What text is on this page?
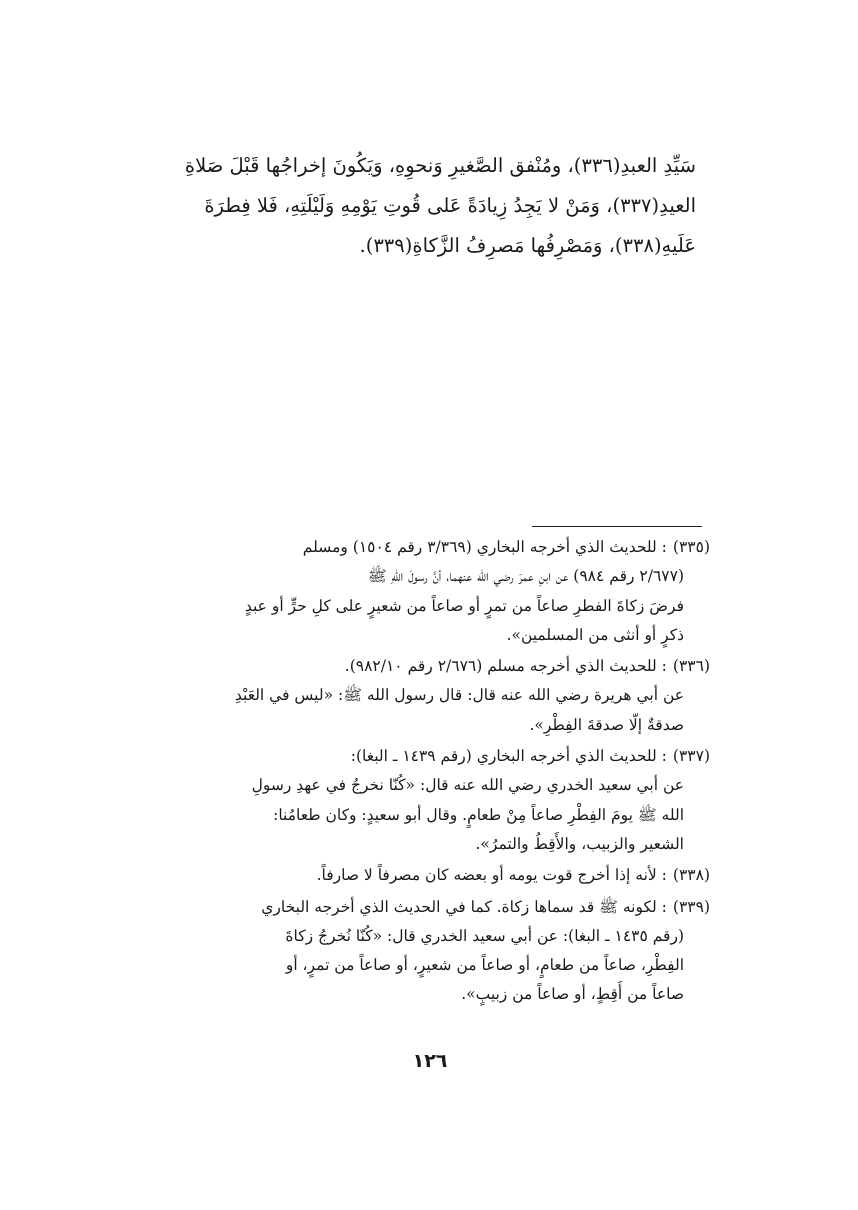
سَيِّدِ العبدِ(٣٣٦)، ومُنْفق الصَّغيرِ وَنحوِهِ، وَيَكُونَ إخراجُها قَبْلَ صَلاةِ

العيدِ(٣٣٧)، وَمَنْ لا يَجِدُ زِيادَةً عَلى قُوتِ يَوْمِهِ وَلَيْلَتِهِ، فَلا فِطرَةَ

عَلَيهِ(٣٣٨)، وَمَصْرِفُها مَصرِفُ الزَّكاةِ(٣٣٩).

(٣٣٥): للحديث الذي أخرجه البخاري (٣/٣٦٩ رقم ١٥٠٤) ومسلم
(٢/٦٧٧ رقم ٩٨٤) عن ابنِ عمرَ رضي الله عنهما، أنَّ رسولَ اللهِ ﷺ
فرضَ زكاةَ الفطرِ صاعاً من تمرٍ أو صاعاً من شعيرٍ على كلِ حرٍّ أو عبدٍ
ذكرٍ أو أنثى من المسلمين».
(٣٣٦): للحديث الذي أخرجه مسلم (٢/٦٧٦ رقم ٩٨٢/١٠).
عن أبي هريرة رضي الله عنه قال: قال رسول الله ﷺ: «ليس في العَبْدِ
صدقةٌ إلّا صدقةَ الفِطْرِ».
(٣٣٧): للحديث الذي أخرجه البخاري (رقم ١٤٣٩ ـ البغا):
عن أبي سعيد الخدري رضي الله عنه قال: «كُنّا نخرجُ في عهدِ رسولِ
الله ﷺ يومَ الفِطْرِ صاعاً مِنْ طعامٍ. وقال أبو سعيدٍ: وكان طعامُنا:
الشعير والزبيب، والأَقِطُ والتمرُ».
(٣٣٨): لأنه إذا أخرج قوت يومه أو بعضه كان مصرفاً لا صارفاً.
(٣٣٩): لكونه ﷺ قد سماها زكاة. كما في الحديث الذي أخرجه البخاري
(رقم ١٤٣٥ ـ البغا): عن أبي سعيد الخدري قال: «كُنّا نُخرجُ زكاةَ
الفِطْرِ، صاعاً من طعامٍ، أو صاعاً من شعيرٍ، أو صاعاً من تمرٍ، أو
صاعاً من أَقِطٍ، أو صاعاً من زبيبٍ».
١٢٦
